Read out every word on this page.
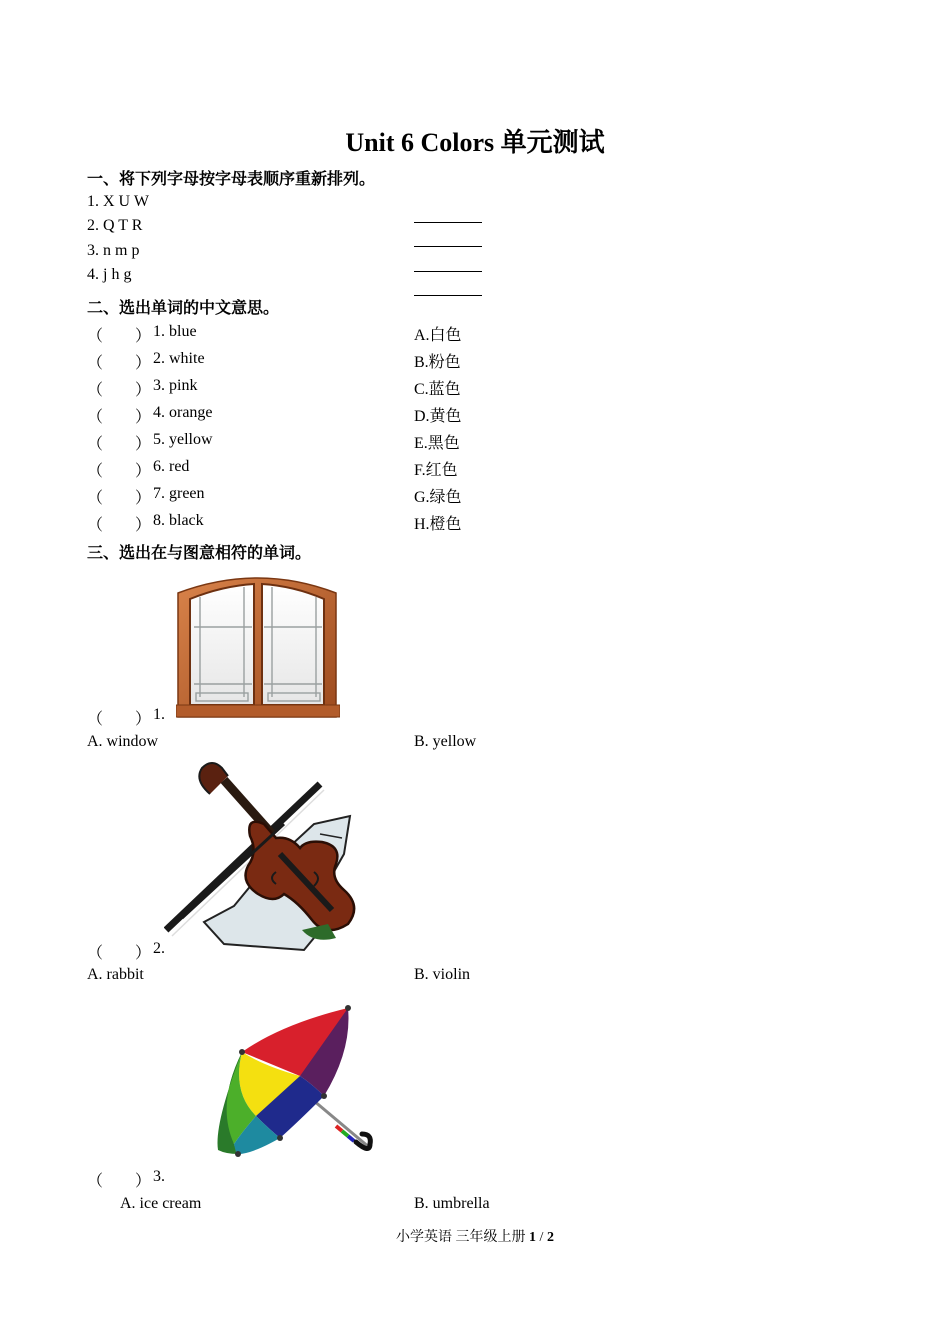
Unit 6 Colors 单元测试
一、将下列字母按字母表顺序重新排列。
1. X U W
2. Q T R
3. n m p
4. j h g
二、选出单词的中文意思。
（　　） 1. blue	A.白色
（　　） 2. white	B.粉色
（　　） 3. pink	C.蓝色
（　　） 4. orange	D.黄色
（　　） 5. yellow	E.黑色
（　　） 6. red	F.红色
（　　） 7. green	G.绿色
（　　） 8. black	H.橙色
三、选出在与图意相符的单词。
（　　） 1.
A. window	B. yellow
（　　） 2.
A. rabbit	B. violin
（　　） 3.
A. ice cream	B. umbrella
小学英语 三年级上册 1 / 2
